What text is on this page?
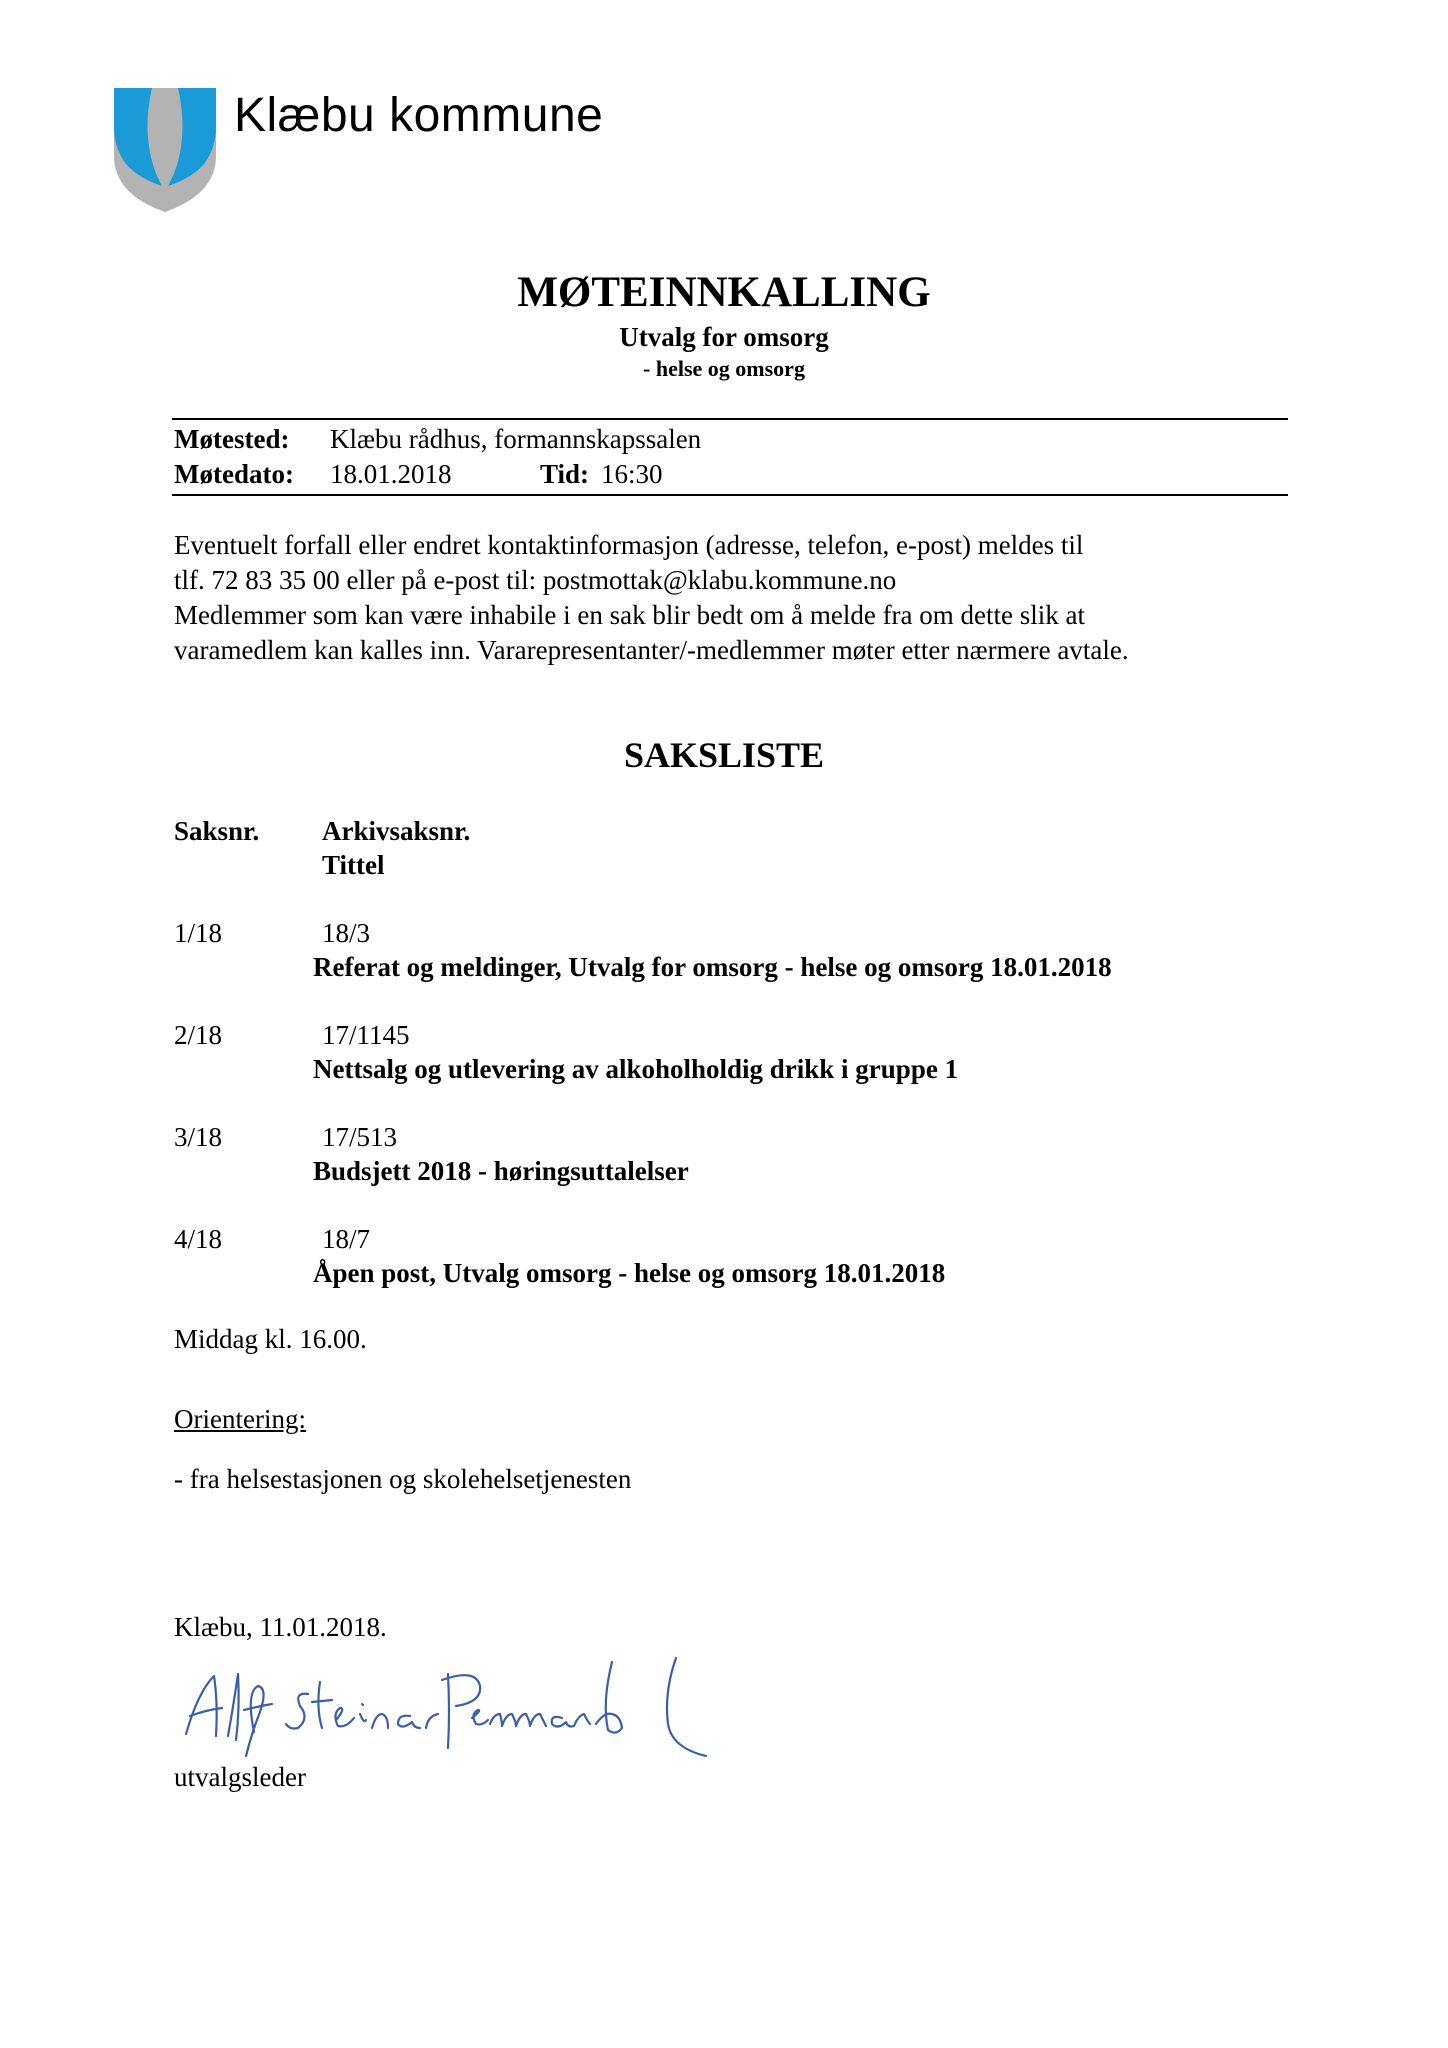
Klæbu kommune
MØTEINNKALLING
Utvalg for omsorg
- helse og omsorg
Møtested: Klæbu rådhus, formannskapssalen
Møtedato: 18.01.2018	Tid: 16:30
Eventuelt forfall eller endret kontaktinformasjon (adresse, telefon, e-post) meldes til
tlf. 72 83 35 00 eller på e-post til: postmottak@klabu.kommune.no
Medlemmer som kan være inhabile i en sak blir bedt om å melde fra om dette slik at
varamedlem kan kalles inn. Vararepresentanter/-medlemmer møter etter nærmere avtale.
SAKSLISTE
Saksnr. Arkivsaksnr.
Tittel
1/18	18/3
Referat og meldinger, Utvalg for omsorg - helse og omsorg 18.01.2018
2/18	17/1145
Nettsalg og utlevering av alkoholholdig drikk i gruppe 1
3/18	17/513
Budsjett 2018 - høringsuttalelser
4/18	18/7
Åpen post, Utvalg omsorg - helse og omsorg 18.01.2018
Middag kl. 16.00.
Orientering:
- fra helsestasjonen og skolehelsetjenesten
Klæbu, 11.01.2018.
utvalgsleder
